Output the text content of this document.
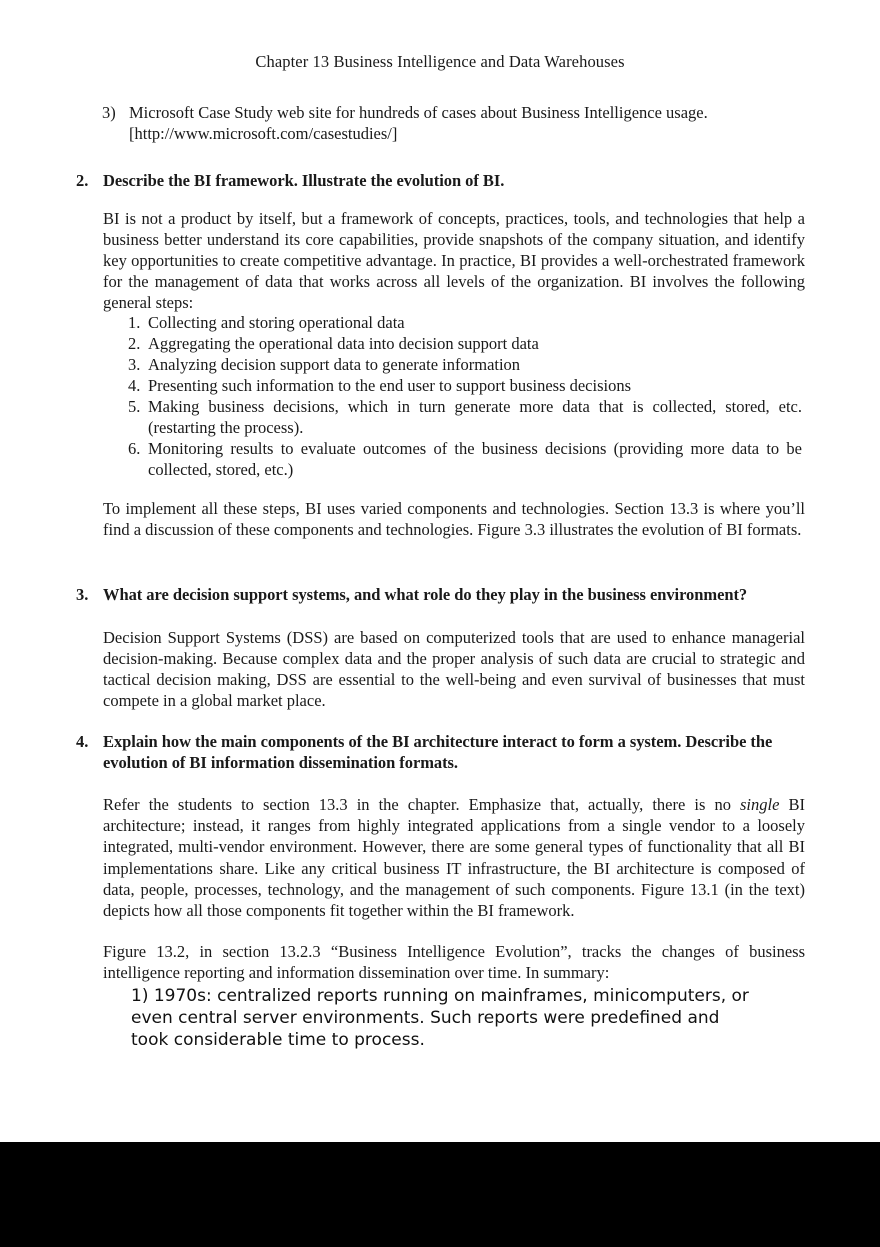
Chapter 13 Business Intelligence and Data Warehouses
3) Microsoft Case Study web site for hundreds of cases about Business Intelligence usage.
[http://www.microsoft.com/casestudies/]
2. Describe the BI framework. Illustrate the evolution of BI.
BI is not a product by itself, but a framework of concepts, practices, tools, and technologies that help a business better understand its core capabilities, provide snapshots of the company situation, and identify key opportunities to create competitive advantage. In practice, BI provides a well-orchestrated framework for the management of data that works across all levels of the organization. BI involves the following general steps:
1. Collecting and storing operational data
2. Aggregating the operational data into decision support data
3. Analyzing decision support data to generate information
4. Presenting such information to the end user to support business decisions
5. Making business decisions, which in turn generate more data that is collected, stored, etc. (restarting the process).
6. Monitoring results to evaluate outcomes of the business decisions (providing more data to be collected, stored, etc.)
To implement all these steps, BI uses varied components and technologies. Section 13.3 is where you’ll find a discussion of these components and technologies. Figure 3.3 illustrates the evolution of BI formats.
3. What are decision support systems, and what role do they play in the business environment?
Decision Support Systems (DSS) are based on computerized tools that are used to enhance managerial decision-making. Because complex data and the proper analysis of such data are crucial to strategic and tactical decision making, DSS are essential to the well-being and even survival of businesses that must compete in a global market place.
4. Explain how the main components of the BI architecture interact to form a system. Describe the evolution of BI information dissemination formats.
Refer the students to section 13.3 in the chapter. Emphasize that, actually, there is no single BI architecture; instead, it ranges from highly integrated applications from a single vendor to a loosely integrated, multi-vendor environment. However, there are some general types of functionality that all BI implementations share. Like any critical business IT infrastructure, the BI architecture is composed of data, people, processes, technology, and the management of such components. Figure 13.1 (in the text) depicts how all those components fit together within the BI framework.
Figure 13.2, in section 13.2.3 “Business Intelligence Evolution”, tracks the changes of business intelligence reporting and information dissemination over time. In summary:
1) 1970s: centralized reports running on mainframes, minicomputers, or
even central server environments. Such reports were predefined and
took considerable time to process.
